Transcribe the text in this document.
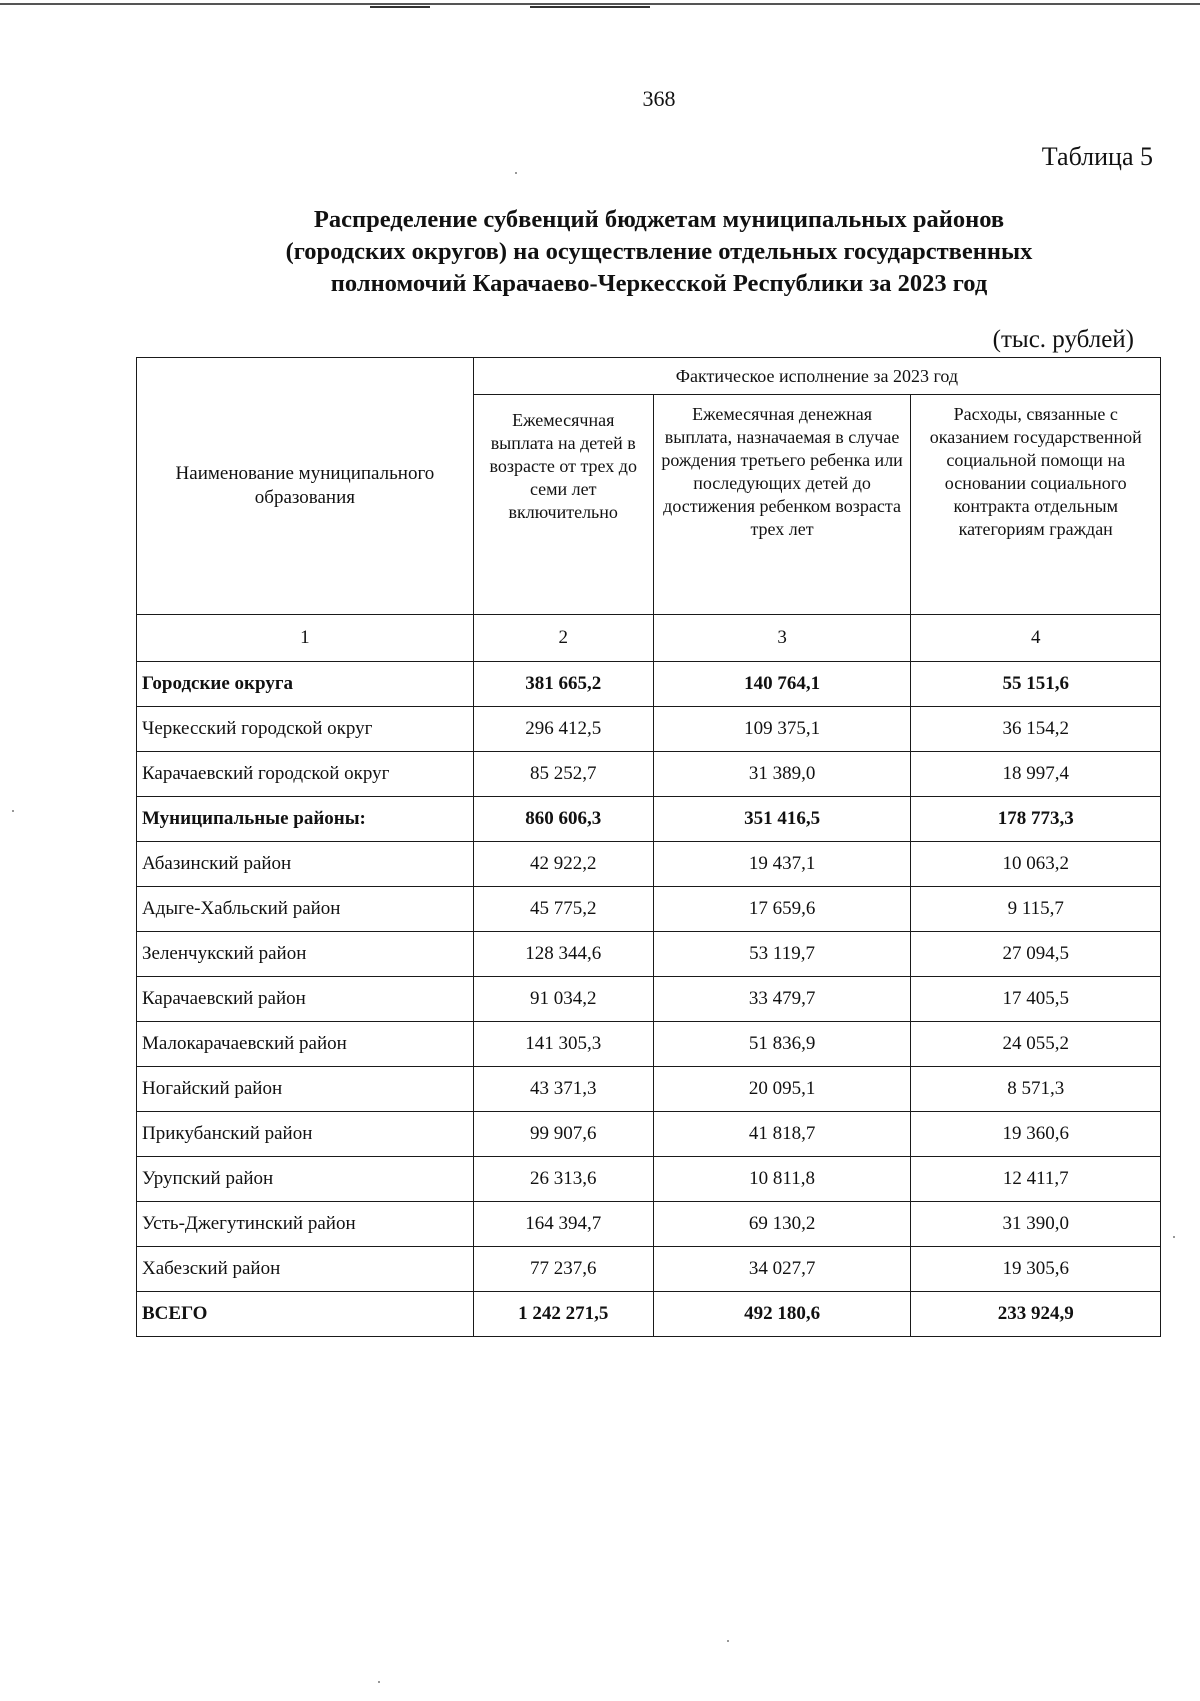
368
Таблица 5
Распределение субвенций бюджетам муниципальных районов
(городских округов) на осуществление отдельных государственных
полномочий Карачаево-Черкесской Республики за 2023 год
(тыс. рублей)
Наименование муниципального образования	Фактическое исполнение за 2023 год		
	Ежемесячная выплата на детей в возрасте от трех до семи лет включительно	Ежемесячная денежная выплата, назначаемая в случае рождения третьего ребенка или последующих детей до достижения ребенком возраста трех лет	Расходы, связанные с оказанием государственной социальной помощи на основании социального контракта отдельным категориям граждан
1	2	3	4
Городские округа	381 665,2	140 764,1	55 151,6
Черкесский городской округ	296 412,5	109 375,1	36 154,2
Карачаевский городской округ	85 252,7	31 389,0	18 997,4
Муниципальные районы:	860 606,3	351 416,5	178 773,3
Абазинский район	42 922,2	19 437,1	10 063,2
Адыге-Хабльский район	45 775,2	17 659,6	9 115,7
Зеленчукский район	128 344,6	53 119,7	27 094,5
Карачаевский район	91 034,2	33 479,7	17 405,5
Малокарачаевский район	141 305,3	51 836,9	24 055,2
Ногайский район	43 371,3	20 095,1	8 571,3
Прикубанский район	99 907,6	41 818,7	19 360,6
Урупский район	26 313,6	10 811,8	12 411,7
Усть-Джегутинский район	164 394,7	69 130,2	31 390,0
Хабезский район	77 237,6	34 027,7	19 305,6
ВСЕГО	1 242 271,5	492 180,6	233 924,9
